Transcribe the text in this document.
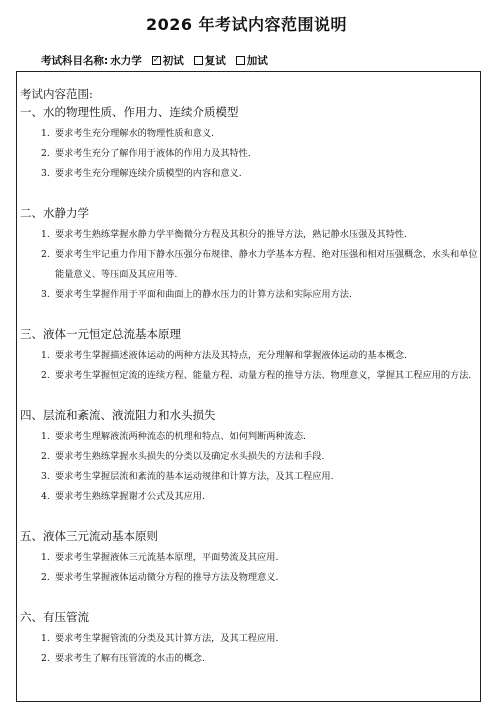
2026 年考试内容范围说明
考试科目名称: 水力学 ✓ 初试 复试 加试
考试内容范围:
一、水的物理性质、作用力、连续介质模型
1. 要求考生充分理解水的物理性质和意义.
2. 要求考生充分了解作用于液体的作用力及其特性.
3. 要求考生充分理解连续介质模型的内容和意义.
二、水静力学
1. 要求考生熟练掌握水静力学平衡微分方程及其积分的推导方法，熟记静水压强及其特性.
2. 要求考生牢记重力作用下静水压强分布规律、静水力学基本方程、绝对压强和相对压强概念、水头和单位能量意义、等压面及其应用等.
3. 要求考生掌握作用于平面和曲面上的静水压力的计算方法和实际应用方法.
三、液体一元恒定总流基本原理
1. 要求考生掌握描述液体运动的两种方法及其特点，充分理解和掌握液体运动的基本概念.
2. 要求考生掌握恒定流的连续方程、能量方程、动量方程的推导方法、物理意义，掌握其工程应用的方法.
四、层流和紊流、液流阻力和水头损失
1. 要求考生理解液流两种流态的机理和特点、如何判断两种流态.
2. 要求考生熟练掌握水头损失的分类以及确定水头损失的方法和手段.
3. 要求考生掌握层流和紊流的基本运动规律和计算方法，及其工程应用.
4. 要求考生熟练掌握谢才公式及其应用.
五、液体三元流动基本原则
1. 要求考生掌握液体三元流基本原理，平面势流及其应用.
2. 要求考生掌握液体运动微分方程的推导方法及物理意义.
六、有压管流
1. 要求考生掌握管流的分类及其计算方法，及其工程应用.
2. 要求考生了解有压管流的水击的概念.
